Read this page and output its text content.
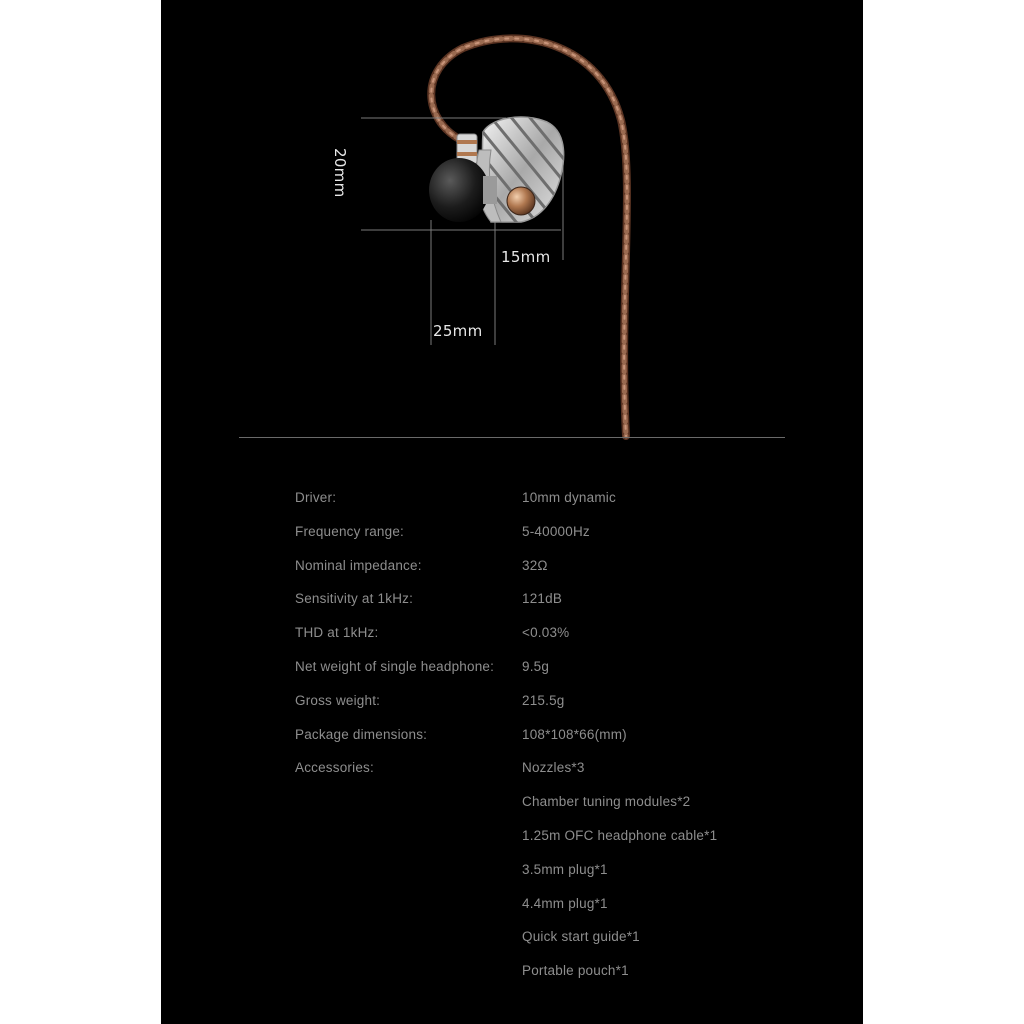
20mm
15mm
25mm
Driver:	10mm dynamic
Frequency range:	5-40000Hz
Nominal impedance:	32Ω
Sensitivity at 1kHz:	121dB
THD at 1kHz:	<0.03%
Net weight of single headphone: 9.5g
Gross weight:	215.5g
Package dimensions:	108*108*66(mm)
Accessories:	Nozzles*3
Chamber tuning modules*2
1.25m OFC headphone cable*1
3.5mm plug*1
4.4mm plug*1
Quick start guide*1
Portable pouch*1
